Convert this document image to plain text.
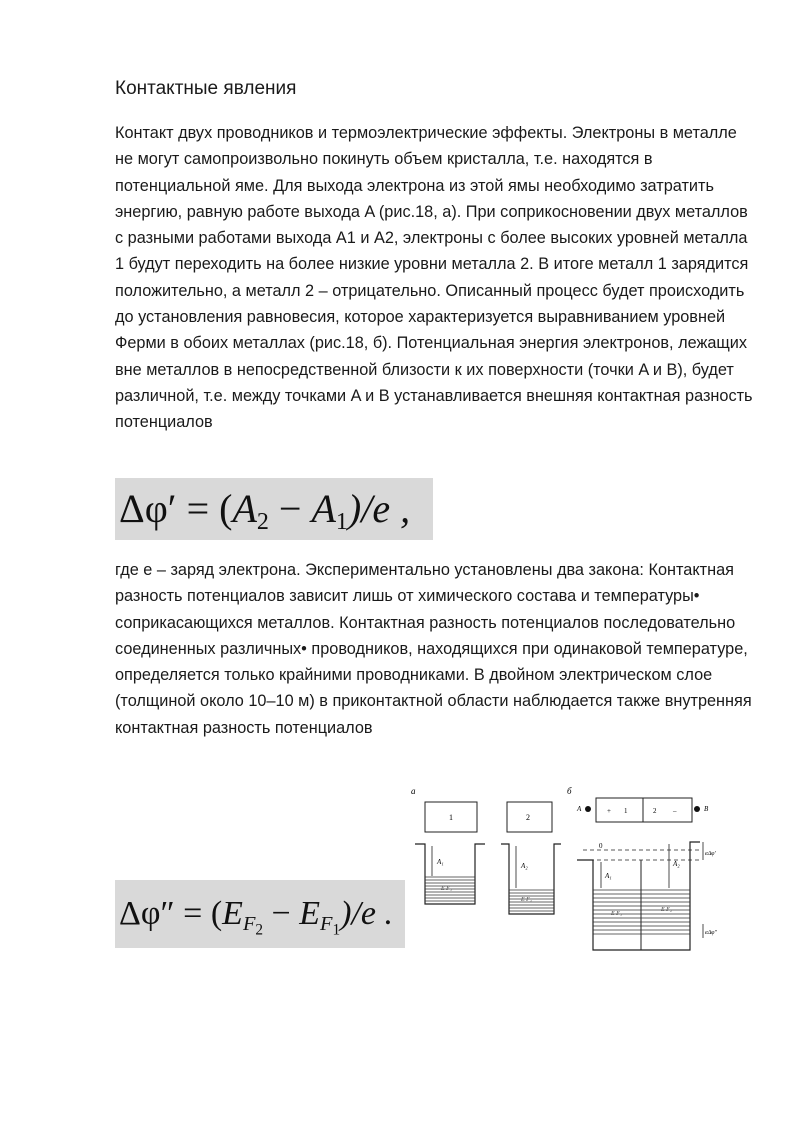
Контактные явления
Контакт двух проводников и термоэлектрические эффекты. Электроны в металле не могут самопроизвольно покинуть объем кристалла, т.е. находятся в потенциальной яме. Для выхода электрона из этой ямы необходимо затратить энергию, равную работе выхода A (рис.18, а). При соприкосновении двух металлов с разными работами выхода A1 и A2, электроны с более высоких уровней металла 1 будут переходить на более низкие уровни металла 2. В итоге металл 1 зарядится положительно, а металл 2 – отрицательно. Описанный процесс будет происходить до установления равновесия, которое характеризуется выравниванием уровней Ферми в обоих металлах (рис.18, б). Потенциальная энергия электронов, лежащих вне металлов в непосредственной близости к их поверхности (точки A и B), будет различной, т.е. между точками A и B устанавливается внешняя контактная разность потенциалов
$\Delta\varphi' = (A_2 - A_1)/e$ ,
где e – заряд электрона. Экспериментально установлены два закона: Контактная разность потенциалов зависит лишь от химического состава и температуры• соприкасающихся металлов. Контактная разность потенциалов последовательно соединенных различных• проводников, находящихся при одинаковой температуре, определяется только крайними проводниками. В двойном электрическом слое (толщиной около 10–10 м) в приконтактной области наблюдается также внутренняя контактная разность потенциалов
$\Delta\varphi'' = (E_{F_2} - E_{F_1})/e$ .
а
1	2
A₁
E F₁
A₂
E F₂
б
A	+ 1	2 –	B
0
A₁
A₂
E F₁
E F₂
eΔφ′
eΔφ″
